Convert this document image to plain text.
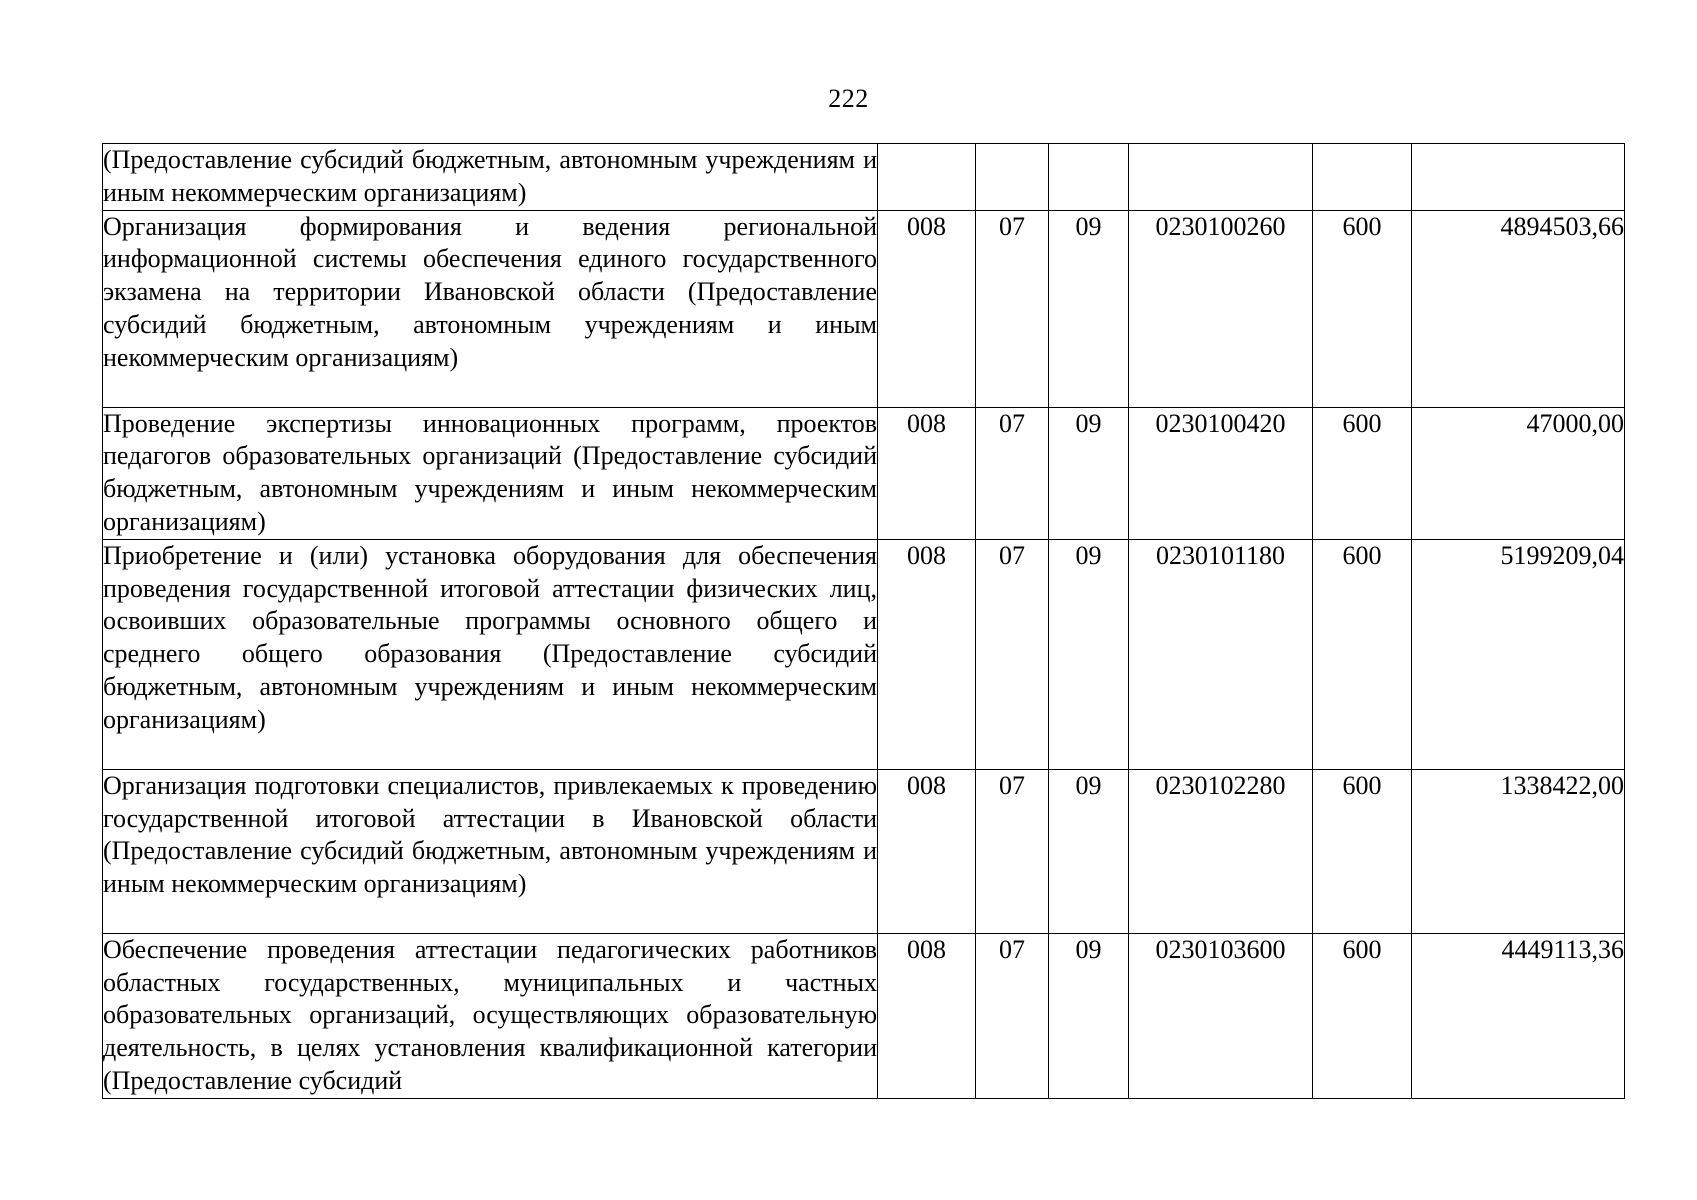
222
(Предоставление субсидий бюджетным, автономным учреждениям и иным некоммерческим организациям)						

Организация формирования и ведения региональной информационной системы обеспечения единого государственного экзамена на территории Ивановской области (Предоставление субсидий бюджетным, автономным учреждениям и иным некоммерческим организациям)	008	07	09	0230100260	600	4894503,66

Проведение экспертизы инновационных программ, проектов педагогов образовательных организаций (Предоставление субсидий бюджетным, автономным учреждениям и иным некоммерческим организациям)	008	07	09	0230100420	600	47000,00

Приобретение и (или) установка оборудования для обеспечения проведения государственной итоговой аттестации физических лиц, освоивших образовательные программы основного общего и среднего общего образования (Предоставление субсидий бюджетным, автономным учреждениям и иным некоммерческим организациям)	008	07	09	0230101180	600	5199209,04

Организация подготовки специалистов, привлекаемых к проведению государственной итоговой аттестации в Ивановской области (Предоставление субсидий бюджетным, автономным учреждениям и иным некоммерческим организациям)	008	07	09	0230102280	600	1338422,00

Обеспечение проведения аттестации педагогических работников областных государственных, муниципальных и частных образовательных организаций, осуществляющих образовательную деятельность, в целях установления квалификационной категории (Предоставление субсидий	008	07	09	0230103600	600	4449113,36
